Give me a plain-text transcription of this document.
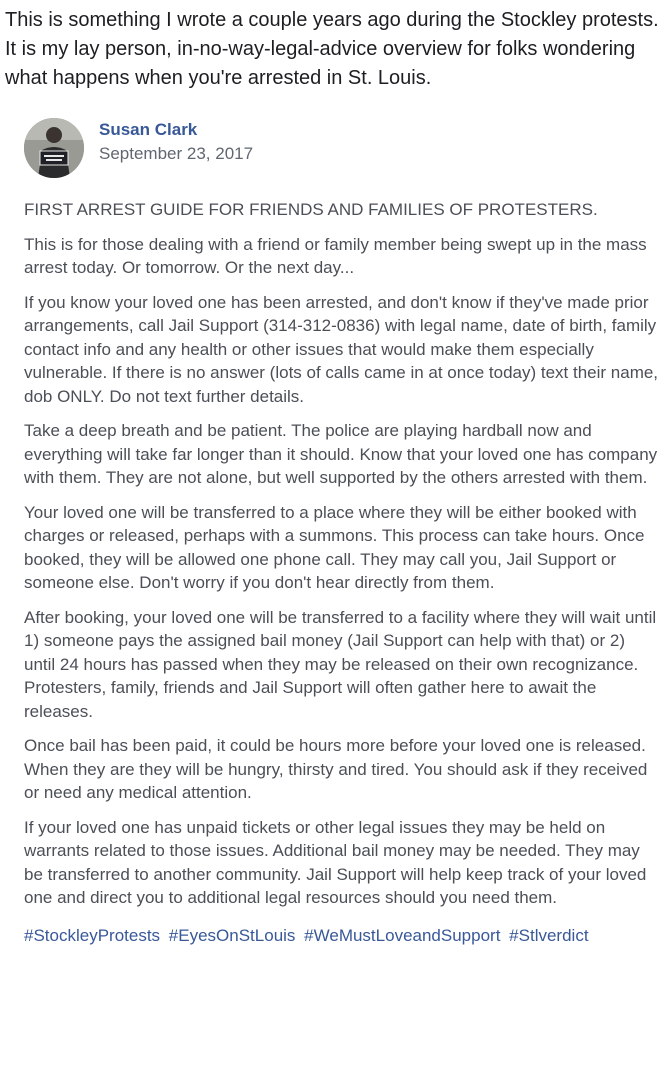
This is something I wrote a couple years ago during the Stockley protests. It is my lay person, in-no-way-legal-advice overview for folks wondering what happens when you're arrested in St. Louis.

Susan Clark
September 23, 2017

FIRST ARREST GUIDE FOR FRIENDS AND FAMILIES OF PROTESTERS.

This is for those dealing with a friend or family member being swept up in the mass arrest today. Or tomorrow. Or the next day...

If you know your loved one has been arrested, and don't know if they've made prior arrangements, call Jail Support (314-312-0836) with legal name, date of birth, family contact info and any health or other issues that would make them especially vulnerable. If there is no answer (lots of calls came in at once today) text their name, dob ONLY. Do not text further details.

Take a deep breath and be patient. The police are playing hardball now and everything will take far longer than it should. Know that your loved one has company with them. They are not alone, but well supported by the others arrested with them.

Your loved one will be transferred to a place where they will be either booked with charges or released, perhaps with a summons. This process can take hours. Once booked, they will be allowed one phone call. They may call you, Jail Support or someone else. Don't worry if you don't hear directly from them.

After booking, your loved one will be transferred to a facility where they will wait until 1) someone pays the assigned bail money (Jail Support can help with that) or 2) until 24 hours has passed when they may be released on their own recognizance. Protesters, family, friends and Jail Support will often gather here to await the releases.

Once bail has been paid, it could be hours more before your loved one is released. When they are they will be hungry, thirsty and tired. You should ask if they received or need any medical attention.

If your loved one has unpaid tickets or other legal issues they may be held on warrants related to those issues. Additional bail money may be needed. They may be transferred to another community. Jail Support will help keep track of your loved one and direct you to additional legal resources should you need them.

#StockleyProtests #EyesOnStLouis #WeMustLoveandSupport #Stlverdict
